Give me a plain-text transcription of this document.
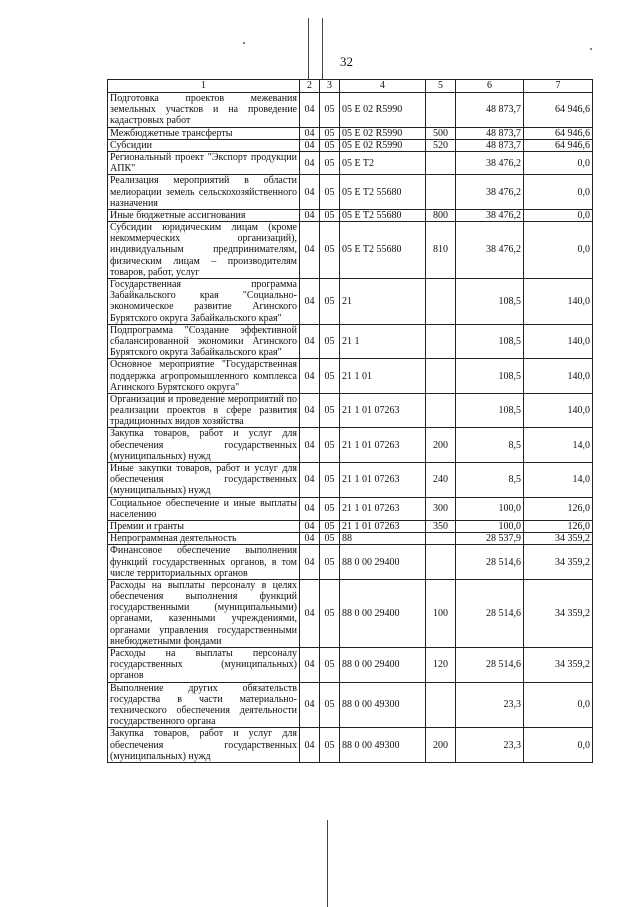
32
1	2	3	4	5	6	7
Подготовка проектов межевания земельных участков и на проведение кадастровых работ	04	05	05 E 02 R5990		48 873,7	64 946,6
Межбюджетные трансферты	04	05	05 E 02 R5990	500	48 873,7	64 946,6
Субсидии	04	05	05 E 02 R5990	520	48 873,7	64 946,6
Региональный проект "Экспорт продукции АПК"	04	05	05 E T2		38 476,2	0,0
Реализация мероприятий в области мелиорации земель сельскохозяйственного назначения	04	05	05 E T2 55680		38 476,2	0,0
Иные бюджетные ассигнования	04	05	05 E T2 55680	800	38 476,2	0,0
Субсидии юридическим лицам (кроме некоммерческих организаций), индивидуальным предпринимателям, физическим лицам – производителям товаров, работ, услуг	04	05	05 E T2 55680	810	38 476,2	0,0
Государственная программа Забайкальского края "Социально-экономическое развитие Агинского Бурятского округа Забайкальского края"	04	05	21		108,5	140,0
Подпрограмма "Создание эффективной сбалансированной экономики Агинского Бурятского округа Забайкальского края"	04	05	21 1		108,5	140,0
Основное мероприятие "Государственная поддержка агропромышленного комплекса Агинского Бурятского округа"	04	05	21 1 01		108,5	140,0
Организация и проведение мероприятий по реализации проектов в сфере развития традиционных видов хозяйства	04	05	21 1 01 07263		108,5	140,0
Закупка товаров, работ и услуг для обеспечения государственных (муниципальных) нужд	04	05	21 1 01 07263	200	8,5	14,0
Иные закупки товаров, работ и услуг для обеспечения государственных (муниципальных) нужд	04	05	21 1 01 07263	240	8,5	14,0
Социальное обеспечение и иные выплаты населению	04	05	21 1 01 07263	300	100,0	126,0
Премии и гранты	04	05	21 1 01 07263	350	100,0	126,0
Непрограммная деятельность	04	05	88		28 537,9	34 359,2
Финансовое обеспечение выполнения функций государственных органов, в том числе территориальных органов	04	05	88 0 00 29400		28 514,6	34 359,2
Расходы на выплаты персоналу в целях обеспечения выполнения функций государственными (муниципальными) органами, казенными учреждениями, органами управления государственными внебюджетными фондами	04	05	88 0 00 29400	100	28 514,6	34 359,2
Расходы на выплаты персоналу государственных (муниципальных) органов	04	05	88 0 00 29400	120	28 514,6	34 359,2
Выполнение других обязательств государства в части материально-технического обеспечения деятельности государственного органа	04	05	88 0 00 49300		23,3	0,0
Закупка товаров, работ и услуг для обеспечения государственных (муниципальных) нужд	04	05	88 0 00 49300	200	23,3	0,0
